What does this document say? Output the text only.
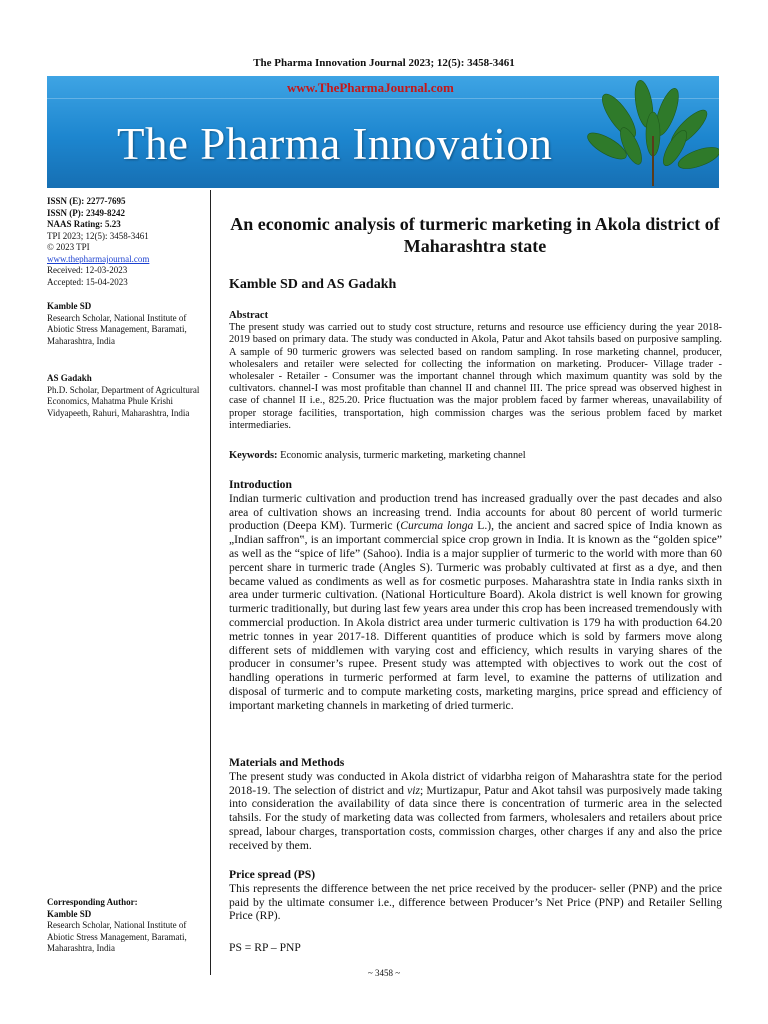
The Pharma Innovation Journal 2023; 12(5): 3458-3461
www.ThePharmaJournal.com
The Pharma Innovation
ISSN (E): 2277-7695
ISSN (P): 2349-8242
NAAS Rating: 5.23
TPI 2023; 12(5): 3458-3461
© 2023 TPI
www.thepharmajournal.com
Received: 12-03-2023
Accepted: 15-04-2023
Kamble SD
Research Scholar, National Institute of Abiotic Stress Management, Baramati, Maharashtra, India
AS Gadakh
Ph.D. Scholar, Department of Agricultural Economics, Mahatma Phule Krishi Vidyapeeth, Rahuri, Maharashtra, India
Corresponding Author:
Kamble SD
Research Scholar, National Institute of Abiotic Stress Management, Baramati, Maharashtra, India
An economic analysis of turmeric marketing in Akola district of Maharashtra state
Kamble SD and AS Gadakh

Abstract

The present study was carried out to study cost structure, returns and resource use efficiency during the year 2018-2019 based on primary data. The study was conducted in Akola, Patur and Akot tahsils based on purposive sampling. A sample of 90 turmeric growers was selected based on random sampling. In rose marketing channel, producer, wholesalers and retailer were selected for collecting the information on marketing. Producer- Village trader - wholesaler - Retailer - Consumer was the important channel through which maximum quantity was sold by the cultivators. channel-I was most profitable than channel II and channel III. The price spread was observed highest in case of channel II i.e., 825.20. Price fluctuation was the major problem faced by farmer whereas, unavailability of proper storage facilities, transportation, high commission charges was the serious problem faced by market intermediaries.

Keywords: Economic analysis, turmeric marketing, marketing channel

Introduction

Indian turmeric cultivation and production trend has increased gradually over the past decades and also area of cultivation shows an increasing trend. India accounts for about 80 percent of world turmeric production (Deepa KM). Turmeric (Curcuma longa L.), the ancient and sacred spice of India known as „Indian saffron‟, is an important commercial spice crop grown in India. It is known as the “golden spice” as well as the “spice of life” (Sahoo). India is a major supplier of turmeric to the world with more than 60 percent share in turmeric trade (Angles S). Turmeric was probably cultivated at first as a dye, and then became valued as condiments as well as for cosmetic purposes. Maharashtra state in India ranks sixth in area under turmeric cultivation. (National Horticulture Board). Akola district is well known for growing turmeric traditionally, but during last few years area under this crop has been increased tremendously with commercial production. In Akola district area under turmeric cultivation is 179 ha with production 64.20 metric tonnes in year 2017-18. Different quantities of produce which is sold by farmers move along different sets of middlemen with varying cost and efficiency, which results in varying shares of the producer in consumer’s rupee. Present study was attempted with objectives to work out the cost of handling operations in turmeric performed at farm level, to examine the patterns of utilization and disposal of turmeric and to compute marketing costs, marketing margins, price spread and efficiency of important marketing channels in marketing of dried turmeric.

Materials and Methods

The present study was conducted in Akola district of vidarbha reigon of Maharashtra state for the period 2018-19. The selection of district and viz; Murtizapur, Patur and Akot tahsil was purposively made taking into consideration the availability of data since there is concentration of turmeric area in the selected tahsils. For the study of marketing data was collected from farmers, wholesalers and retailers about price spread, labour charges, transportation costs, commission charges, other charges if any and also the price received by them.

Price spread (PS)

This represents the difference between the net price received by the producer- seller (PNP) and the price paid by the ultimate consumer i.e., difference between Producer’s Net Price (PNP) and Retailer Selling Price (RP).

PS = RP – PNP
~ 3458 ~
